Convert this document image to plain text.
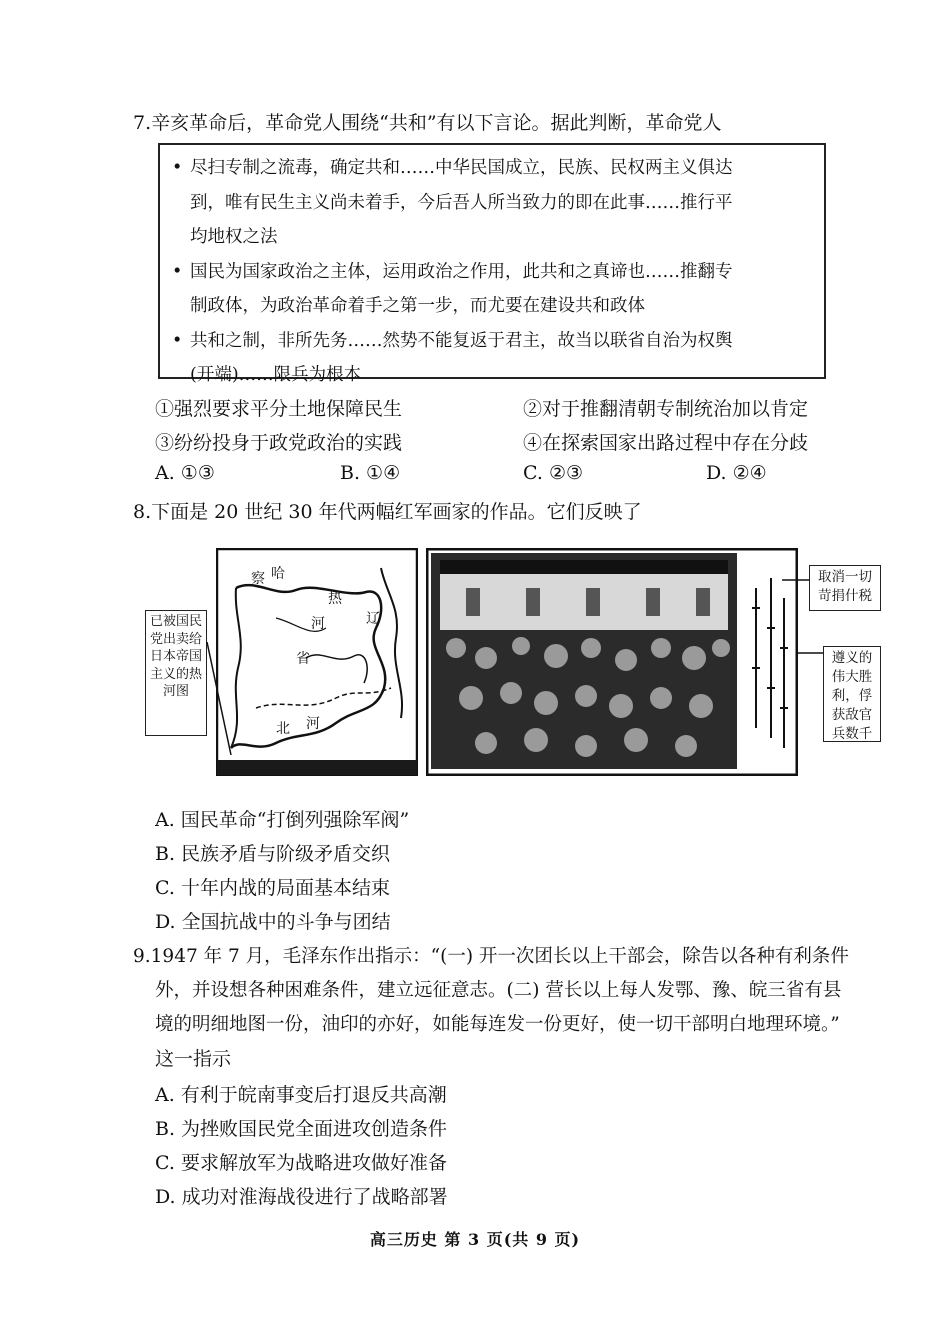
7.辛亥革命后，革命党人围绕“共和”有以下言论。据此判断，革命党人
• 尽扫专制之流毒，确定共和……中华民国成立，民族、民权两主义俱达
到，唯有民生主义尚未着手，今后吾人所当致力的即在此事……推行平
均地权之法
• 国民为国家政治之主体，运用政治之作用，此共和之真谛也……推翻专
制政体，为政治革命着手之第一步，而尤要在建设共和政体
• 共和之制，非所先务……然势不能复返于君主，故当以联省自治为权舆
(开端)……限兵为根本
①强烈要求平分土地保障民生	②对于推翻清朝专制统治加以肯定
③纷纷投身于政党政治的实践	④在探索国家出路过程中存在分歧
A. ①③	B. ①④	C. ②③	D. ②④
8.下面是 20 世纪 30 年代两幅红军画家的作品。它们反映了
察 哈
热
河
省
辽
北 河
已被国民党出卖给日本帝国主义的热河图
取消一切苛捐什税
遵义的伟大胜利，俘获敌官兵数千
A. 国民革命“打倒列强除军阀”
B. 民族矛盾与阶级矛盾交织
C. 十年内战的局面基本结束
D. 全国抗战中的斗争与团结
9.1947 年 7 月，毛泽东作出指示：“(一) 开一次团长以上干部会，除告以各种有利条件
外，并设想各种困难条件，建立远征意志。(二) 营长以上每人发鄂、豫、皖三省有县
境的明细地图一份，油印的亦好，如能每连发一份更好，使一切干部明白地理环境。”
这一指示
A. 有利于皖南事变后打退反共高潮
B. 为挫败国民党全面进攻创造条件
C. 要求解放军为战略进攻做好准备
D. 成功对淮海战役进行了战略部署
高三历史 第 3 页(共 9 页)
